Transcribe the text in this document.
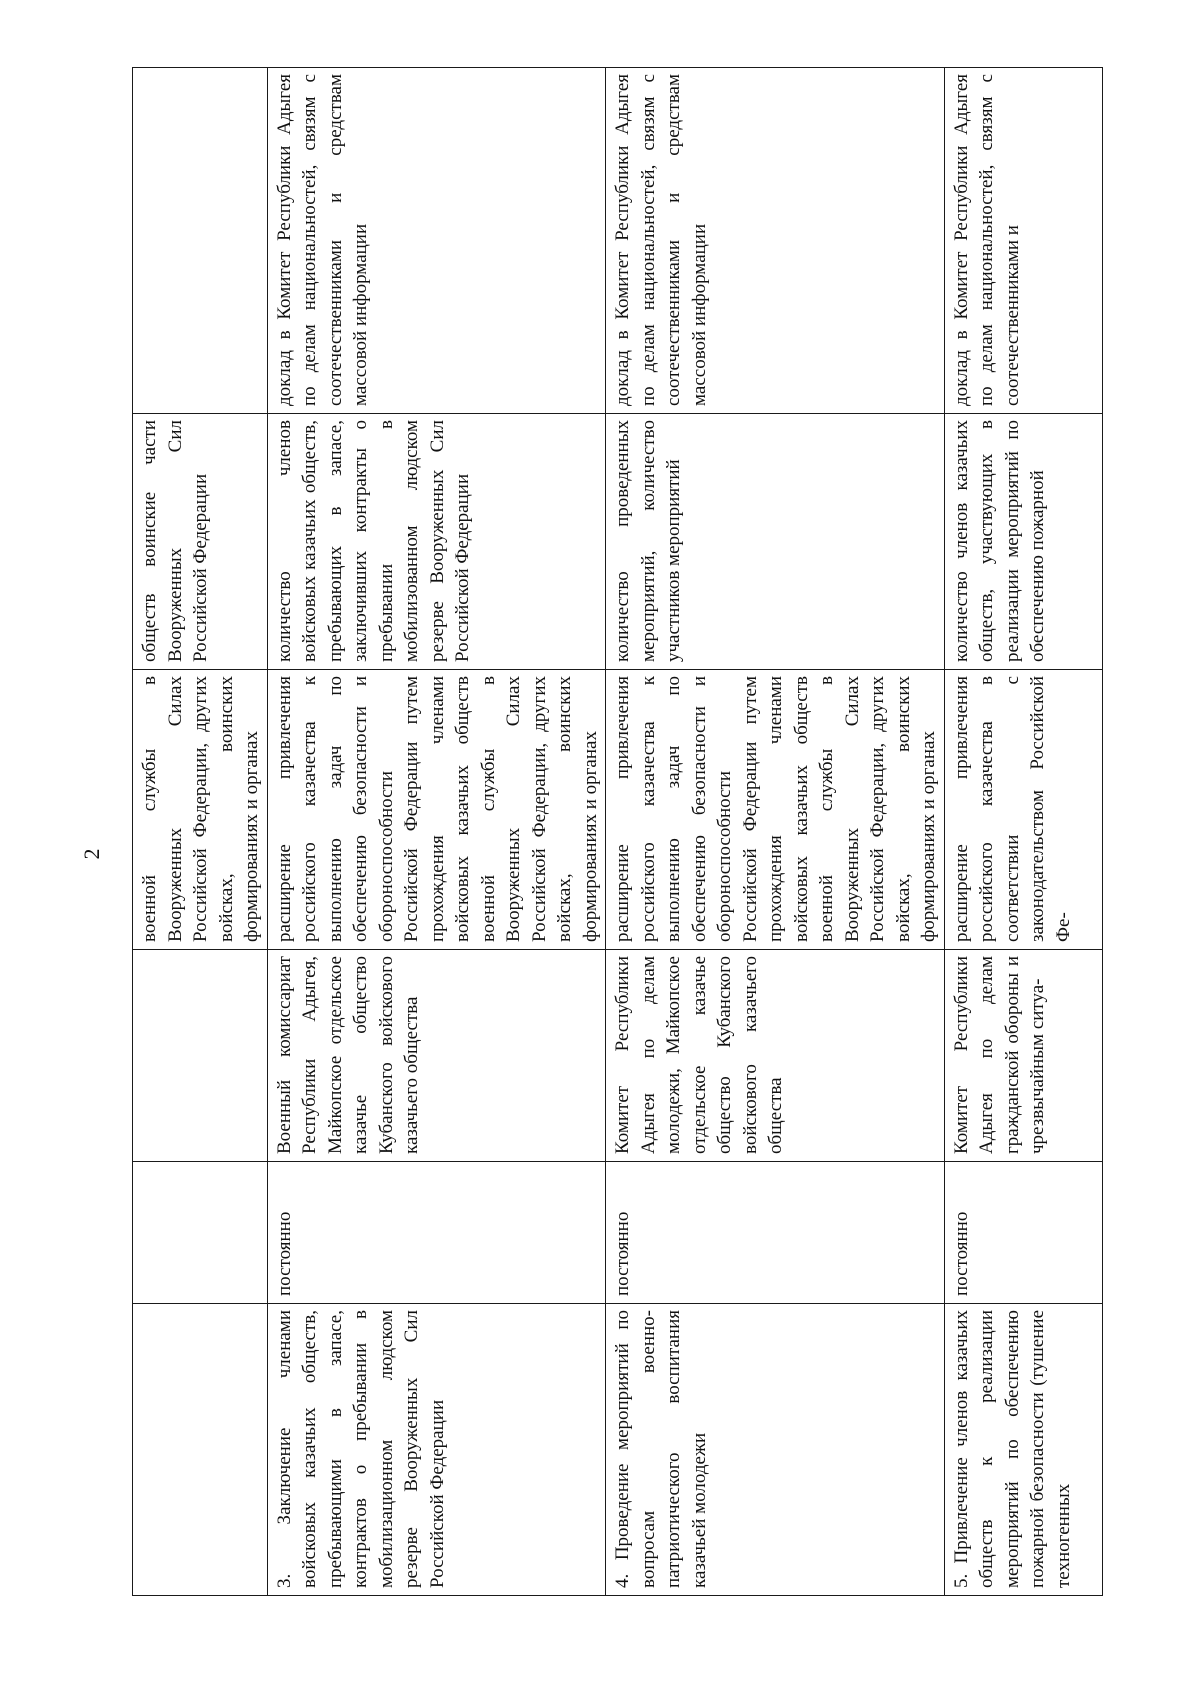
2

			военной службы в Вооруженных Силах Российской Федерации, других войсках, воинских формированиях и органах	обществ воинские части Вооруженных Сил Российской Федерации	

3. Заключение членами войсковых казачьих обществ, пребывающими в запасе, контрактов о пребывании в мобилизационном людском резерве Вооруженных Сил Российской Федерации	постоянно	Военный комиссариат Республики Адыгея, Майкопское отдельское казачье общество Кубанского войскового казачьего общества	расширение привлечения российского казачества к выполнению задач по обеспечению безопасности и обороноспособности Российской Федерации путем прохождения членами войсковых казачьих обществ военной службы в Вооруженных Силах Российской Федерации, других войсках, воинских формированиях и органах	количество членов войсковых казачьих обществ, пребывающих в запасе, заключивших контракты о пребывании в мобилизованном людском резерве Вооруженных Сил Российской Федерации	доклад в Комитет Республики Адыгея по делам национальностей, связям с соотечественниками и средствам массовой информации

4. Проведение мероприятий по вопросам военно-патриотического воспитания казачьей молодежи	постоянно	Комитет Республики Адыгея по делам молодежи, Майкопское отдельское казачье общество Кубанского войскового казачьего общества	расширение привлечения российского казачества к выполнению задач по обеспечению безопасности и обороноспособности Российской Федерации путем прохождения членами войсковых казачьих обществ военной службы в Вооруженных Силах Российской Федерации, других войсках, воинских формированиях и органах	количество проведенных мероприятий, количество участников мероприятий	доклад в Комитет Республики Адыгея по делам национальностей, связям с соотечественниками и средствам массовой информации

5. Привлечение членов казачьих обществ к реализации мероприятий по обеспечению пожарной безопасности (тушение техногенных	постоянно	Комитет Республики Адыгея по делам гражданской обороны и чрезвычайным ситуа-	расширение привлечения российского казачества в соответствии с законодательством Российской Фе-	количество членов казачьих обществ, участвующих в реализации мероприятий по обеспечению пожарной	доклад в Комитет Республики Адыгея по делам национальностей, связям с соотечественниками и
